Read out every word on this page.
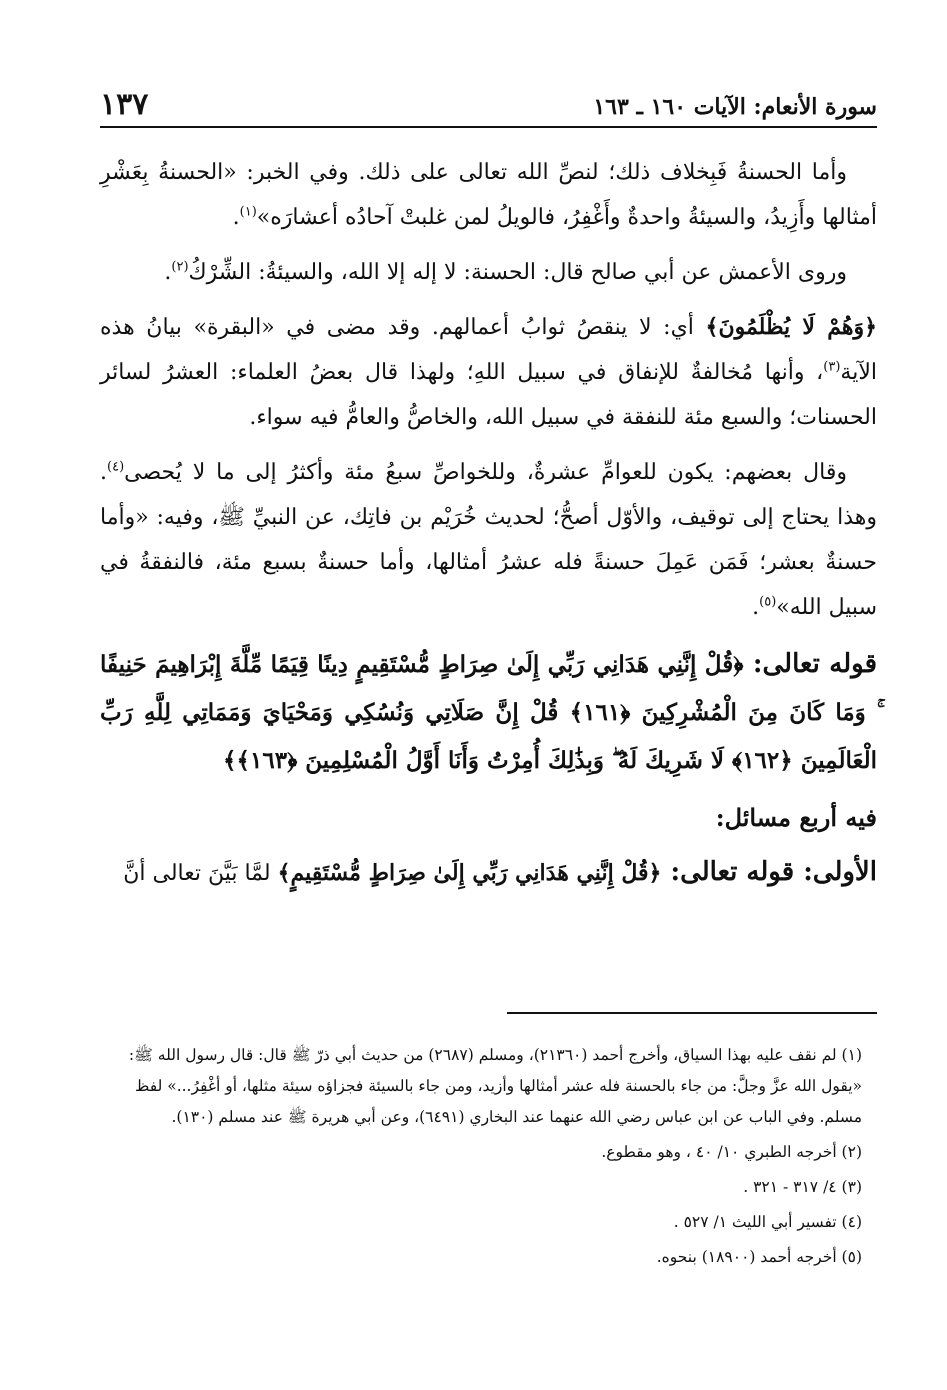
سورة الأنعام: الآيات ١٦٠ ـ ١٦٣
١٣٧

وأما الحسنةُ فَبِخلاف ذلك؛ لنصِّ الله تعالى على ذلك. وفي الخبر: «الحسنةُ بِعَشْرِ أمثالها وأَزِيدُ، والسيئةُ واحدةٌ وأَغْفِرُ، فالويلُ لمن غلبتْ آحادُه أعشارَه»$^{(١)}$.

وروى الأعمش عن أبي صالح قال: الحسنة: لا إله إلا الله، والسيئةُ: الشِّرْكُ$^{(٢)}$.

﴿وَهُمْ لَا يُظْلَمُونَ﴾ أي: لا ينقصُ ثوابُ أعمالهم. وقد مضى في «البقرة» بيانُ هذه الآية$^{(٣)}$، وأنها مُخالفةٌ للإنفاق في سبيل اللهِ؛ ولهذا قال بعضُ العلماء: العشرُ لسائر الحسنات؛ والسبع مئة للنفقة في سبيل الله، والخاصُّ والعامُّ فيه سواء.

وقال بعضهم: يكون للعوامِّ عشرةٌ، وللخواصِّ سبعُ مئة وأكثرُ إلى ما لا يُحصى$^{(٤)}$. وهذا يحتاج إلى توقيف، والأوّل أصحُّ؛ لحديث خُرَيْم بن فاتِك، عن النبيِّ ﷺ، وفيه: «وأما حسنةٌ بعشر؛ فَمَن عَمِلَ حسنةً فله عشرُ أمثالها، وأما حسنةٌ بسبع مئة، فالنفقةُ في سبيل الله»$^{(٥)}$.

قوله تعالى: ﴿قُلْ إِنَّنِي هَدَانِي رَبِّي إِلَىٰ صِرَاطٍ مُّسْتَقِيمٍ دِينًا قِيَمًا مِّلَّةَ إِبْرَاهِيمَ حَنِيفًا ۚ وَمَا كَانَ مِنَ الْمُشْرِكِينَ ﴿١٦١﴾ قُلْ إِنَّ صَلَاتِي وَنُسُكِي وَمَحْيَايَ وَمَمَاتِي لِلَّهِ رَبِّ الْعَالَمِينَ ﴿١٦٢﴾ لَا شَرِيكَ لَهُ ۖ وَبِذَٰلِكَ أُمِرْتُ وَأَنَا أَوَّلُ الْمُسْلِمِينَ ﴿١٦٣﴾﴾

فيه أربع مسائل:

الأولى: قوله تعالى: ﴿قُلْ إِنَّنِي هَدَانِي رَبِّي إِلَىٰ صِرَاطٍ مُّسْتَقِيمٍ﴾ لمَّا بَيَّنَ تعالى أنَّ

(١) لم نقف عليه بهذا السياق، وأخرج أحمد (٢١٣٦٠)، ومسلم (٢٦٨٧) من حديث أبي ذرّ ﷺ قال: قال رسول الله ﷺ: «يقول الله عزَّ وجلَّ: من جاء بالحسنة فله عشر أمثالها وأزيد، ومن جاء بالسيئة فجزاؤه سيئة مثلها، أو أغْفِرُ...» لفظ مسلم. وفي الباب عن ابن عباس رضي الله عنهما عند البخاري (٦٤٩١)، وعن أبي هريرة ﷺ عند مسلم (١٣٠).

(٢) أخرجه الطبري ١٠/ ٤٠ ، وهو مقطوع.

(٣) ٤/ ٣١٧ - ٣٢١ .

(٤) تفسير أبي الليث ١/ ٥٢٧ .

(٥) أخرجه أحمد (١٨٩٠٠) بنحوه.
